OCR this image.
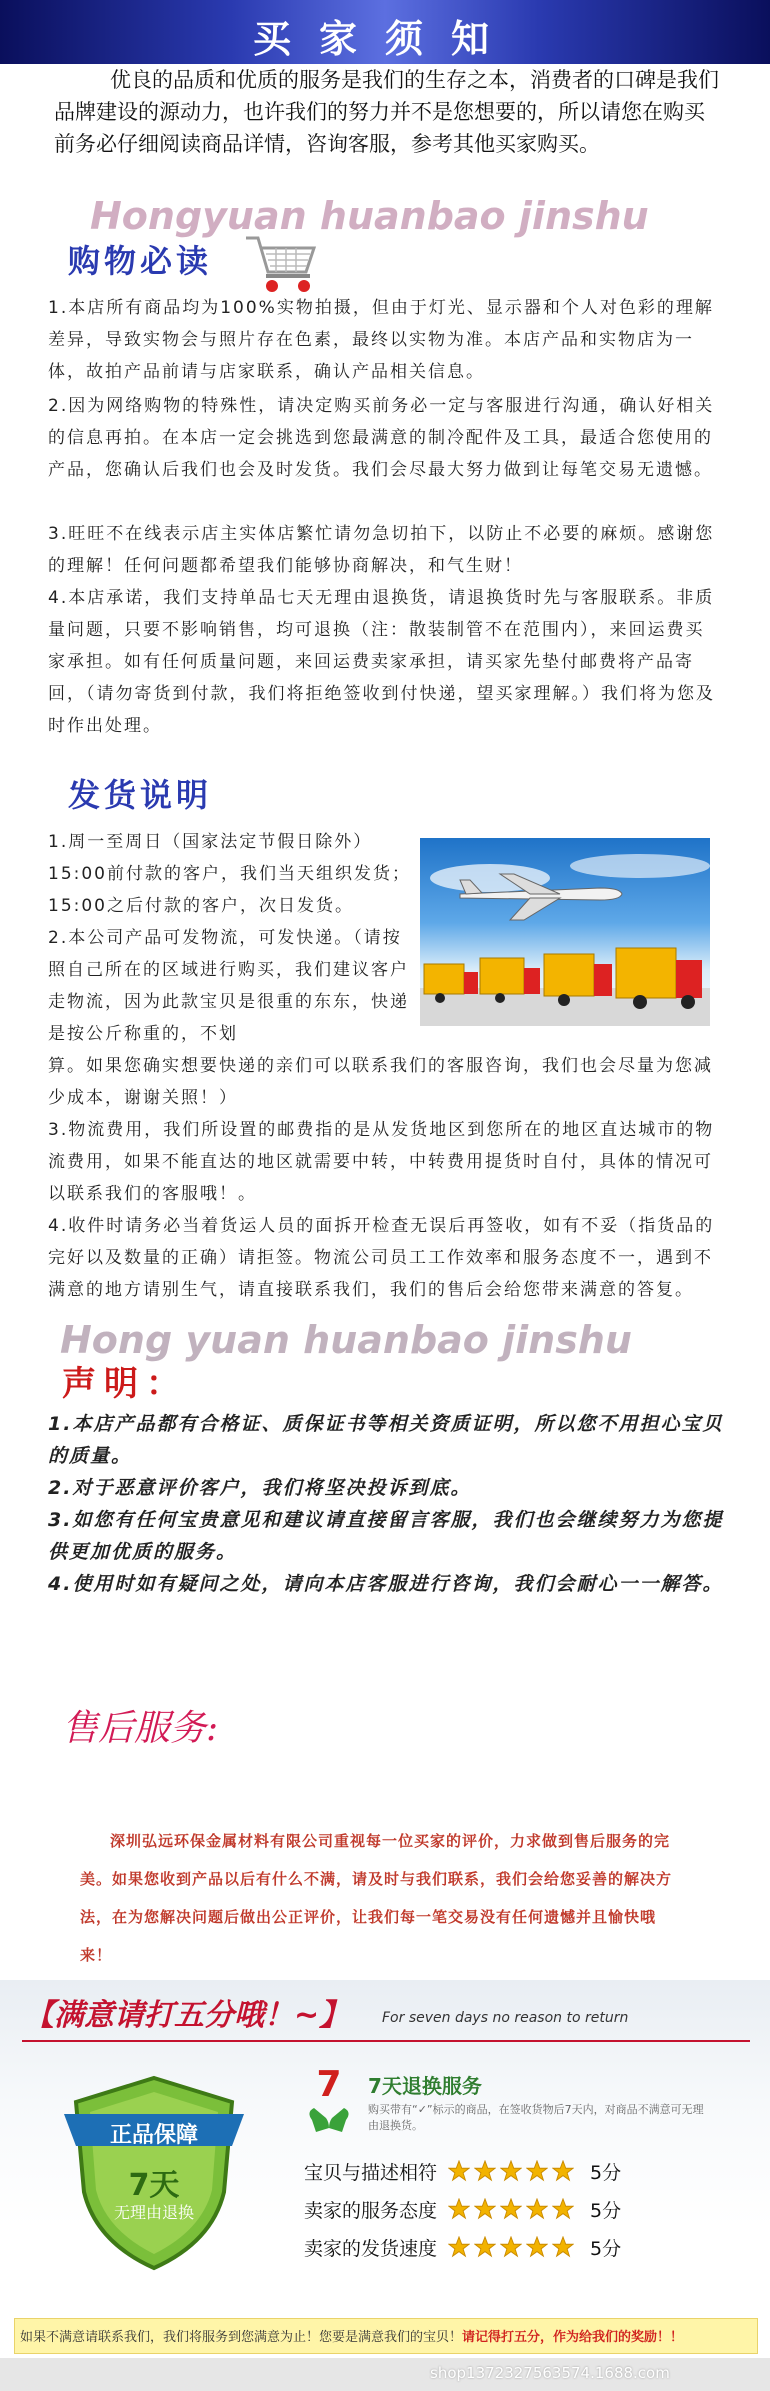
买家须知
优良的品质和优质的服务是我们的生存之本，消费者的口碑是我们品牌建设的源动力，也许我们的努力并不是您想要的，所以请您在购买前务必仔细阅读商品详情，咨询客服，参考其他买家购买。
Hongyuan huanbao jinshu
购物必读
1.本店所有商品均为100%实物拍摄，但由于灯光、显示器和个人对色彩的理解差异，导致实物会与照片存在色素，最终以实物为准。本店产品和实物店为一体，故拍产品前请与店家联系，确认产品相关信息。
2.因为网络购物的特殊性，请决定购买前务必一定与客服进行沟通，确认好相关的信息再拍。在本店一定会挑选到您最满意的制冷配件及工具，最适合您使用的产品，您确认后我们也会及时发货。我们会尽最大努力做到让每笔交易无遗憾。
3.旺旺不在线表示店主实体店繁忙请勿急切拍下，以防止不必要的麻烦。感谢您的理解！任何问题都希望我们能够协商解决，和气生财！
4.本店承诺，我们支持单品七天无理由退换货，请退换货时先与客服联系。非质量问题，只要不影响销售，均可退换（注：散装制管不在范围内），来回运费买家承担。如有任何质量问题，来回运费卖家承担，请买家先垫付邮费将产品寄回，（请勿寄货到付款，我们将拒绝签收到付快递，望买家理解。）我们将为您及时作出处理。
发货说明
1.周一至周日（国家法定节假日除外）
15:00前付款的客户，我们当天组织发货；15:00之后付款的客户，次日发货。
2.本公司产品可发物流，可发快递。（请按照自己所在的区域进行购买，我们建议客户走物流，因为此款宝贝是很重的东东，快递是按公斤称重的，不划
算。如果您确实想要快递的亲们可以联系我们的客服咨询，我们也会尽量为您减少成本，谢谢关照！）
3.物流费用，我们所设置的邮费指的是从发货地区到您所在的地区直达城市的物流费用，如果不能直达的地区就需要中转，中转费用提货时自付，具体的情况可以联系我们的客服哦！。
4.收件时请务必当着货运人员的面拆开检查无误后再签收，如有不妥（指货品的完好以及数量的正确）请拒签。物流公司员工工作效率和服务态度不一，遇到不满意的地方请别生气，请直接联系我们，我们的售后会给您带来满意的答复。
Hong yuan huanbao jinshu
声明：
1.本店产品都有合格证、质保证书等相关资质证明，所以您不用担心宝贝的质量。
2.对于恶意评价客户，我们将坚决投诉到底。
3.如您有任何宝贵意见和建议请直接留言客服，我们也会继续努力为您提供更加优质的服务。
4.使用时如有疑问之处，请向本店客服进行咨询，我们会耐心一一解答。
售后服务:
深圳弘远环保金属材料有限公司重视每一位买家的评价，力求做到售后服务的完美。如果您收到产品以后有什么不满，请及时与我们联系，我们会给您妥善的解决方法，在为您解决问题后做出公正评价，让我们每一笔交易没有任何遗憾并且愉快哦 来！
【满意请打五分哦！~】 For seven days no reason to return
正品保障
7天
无理由退换
7	7天退换服务
购买带有“✓”标示的商品，在签收货物后7天内，对商品不满意可无理由退换货。
宝贝与描述相符	5分
卖家的服务态度	5分
卖家的发货速度	5分
如果不满意请联系我们，我们将服务到您满意为止！您要是满意我们的宝贝！请记得打五分，作为给我们的奖励！！
shop1372327563574.1688.com
